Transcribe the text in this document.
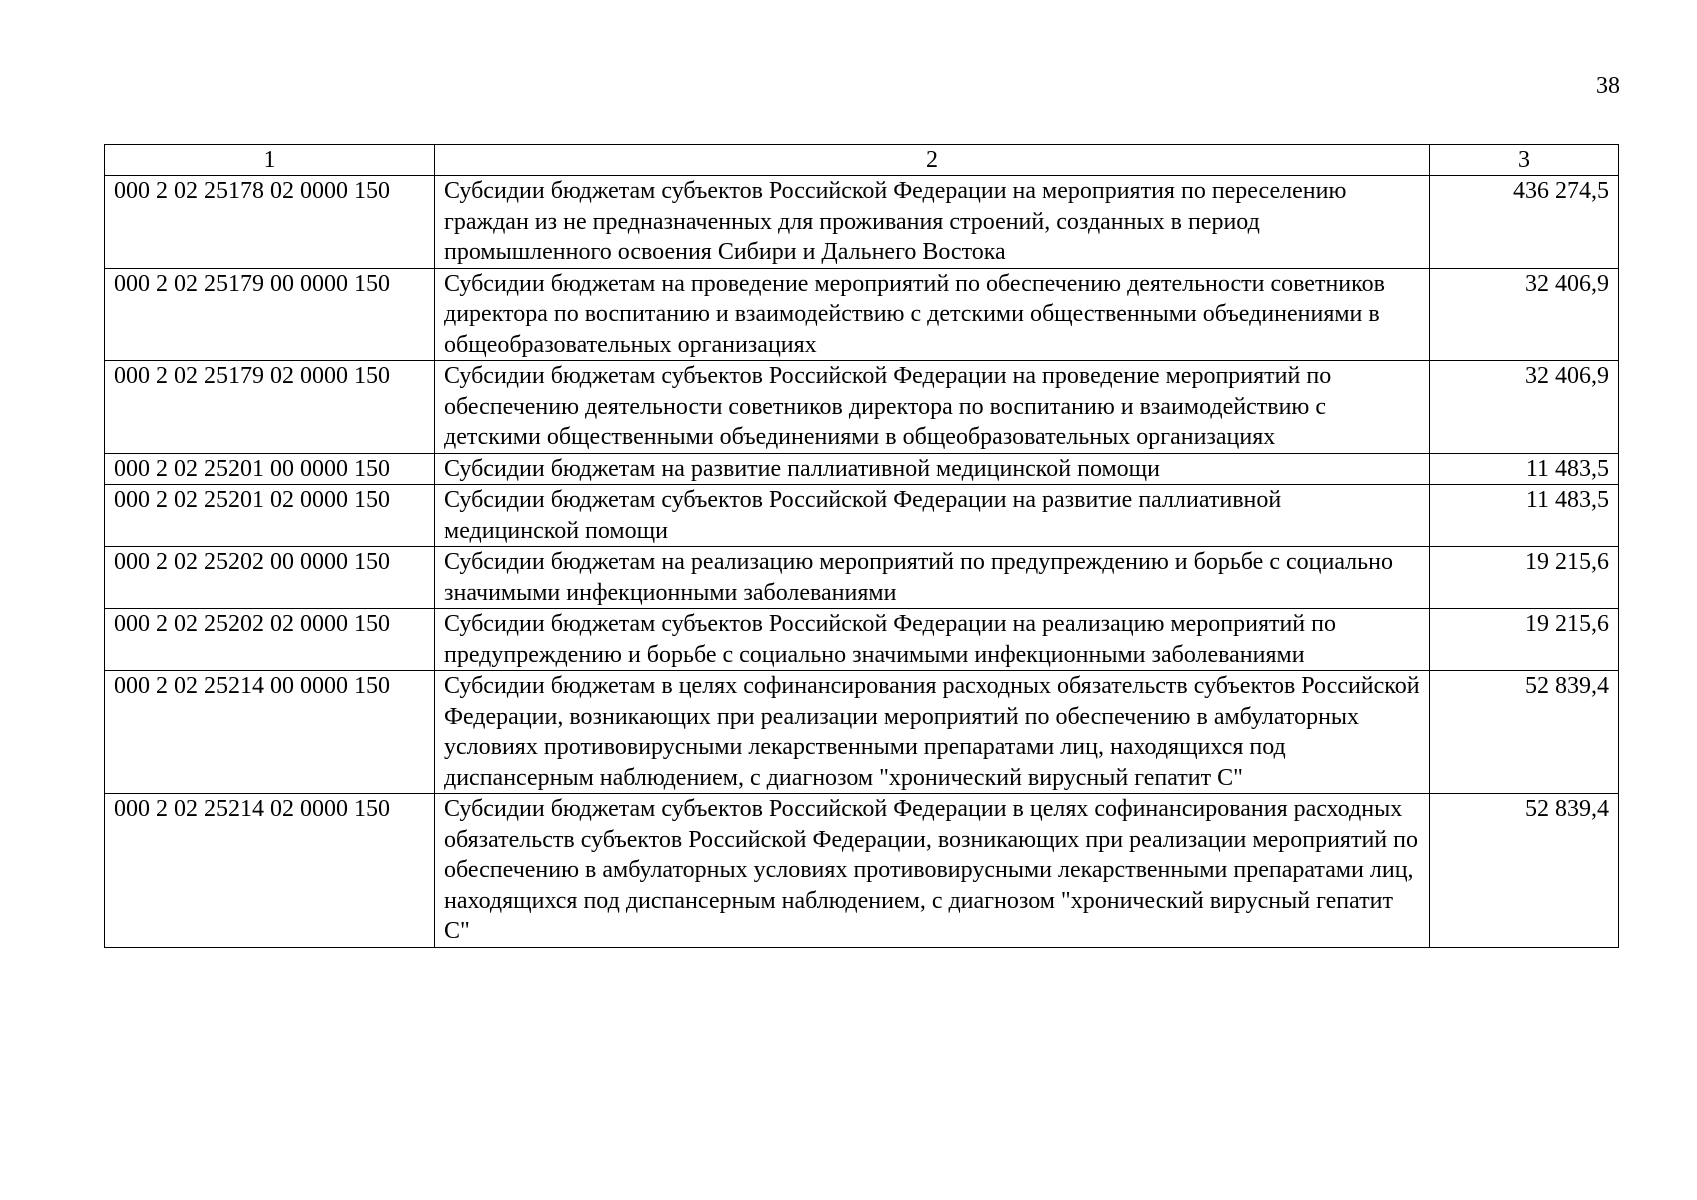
38
1	2	3
000 2 02 25178 02 0000 150	Субсидии бюджетам субъектов Российской Федерации на мероприятия по переселению граждан из не предназначенных для проживания строений, созданных в период промышленного освоения Сибири и Дальнего Востока	436 274,5
000 2 02 25179 00 0000 150	Субсидии бюджетам на проведение мероприятий по обеспечению деятельности советников директора по воспитанию и взаимодействию с детскими общественными объединениями в общеобразовательных организациях	32 406,9
000 2 02 25179 02 0000 150	Субсидии бюджетам субъектов Российской Федерации на проведение мероприятий по обеспечению деятельности советников директора по воспитанию и взаимодействию с детскими общественными объединениями в общеобразовательных организациях	32 406,9
000 2 02 25201 00 0000 150	Субсидии бюджетам на развитие паллиативной медицинской помощи	11 483,5
000 2 02 25201 02 0000 150	Субсидии бюджетам субъектов Российской Федерации на развитие паллиативной медицинской помощи	11 483,5
000 2 02 25202 00 0000 150	Субсидии бюджетам на реализацию мероприятий по предупреждению и борьбе с социально значимыми инфекционными заболеваниями	19 215,6
000 2 02 25202 02 0000 150	Субсидии бюджетам субъектов Российской Федерации на реализацию мероприятий по предупреждению и борьбе с социально значимыми инфекционными заболеваниями	19 215,6
000 2 02 25214 00 0000 150	Субсидии бюджетам в целях софинансирования расходных обязательств субъектов Российской Федерации, возникающих при реализации мероприятий по обеспечению в амбулаторных условиях противовирусными лекарственными препаратами лиц, находящихся под диспансерным наблюдением, с диагнозом "хронический вирусный гепатит С"	52 839,4
000 2 02 25214 02 0000 150	Субсидии бюджетам субъектов Российской Федерации в целях софинансирования расходных обязательств субъектов Российской Федерации, возникающих при реализации мероприятий по обеспечению в амбулаторных условиях противовирусными лекарственными препаратами лиц, находящихся под диспансерным наблюдением, с диагнозом "хронический вирусный гепатит С"	52 839,4
